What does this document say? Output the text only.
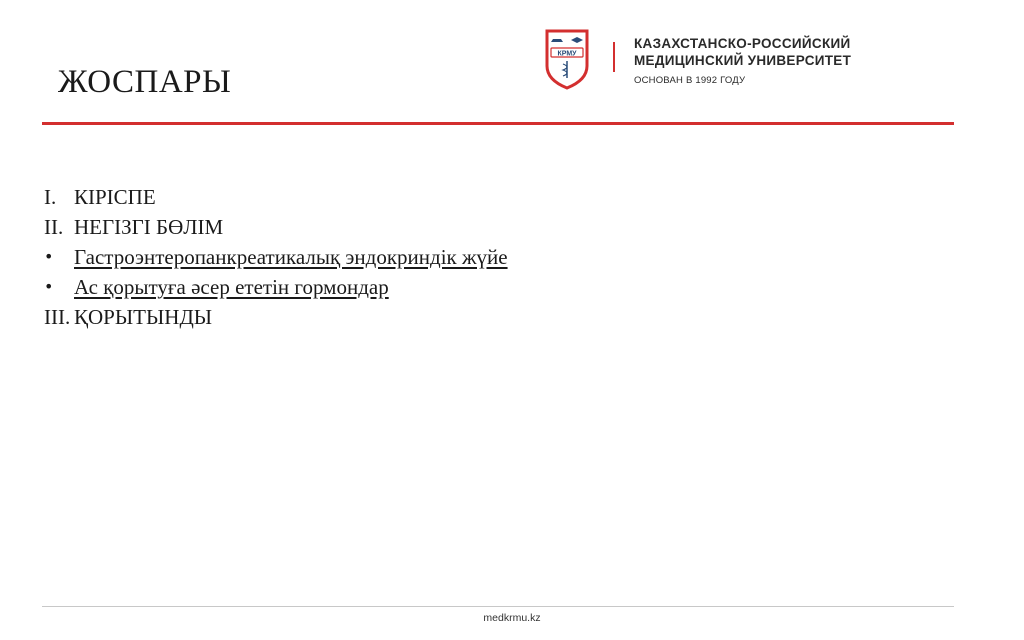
ЖОСПАРЫ
КРМУ
КАЗАХСТАНСКО-РОССИЙСКИЙ
МЕДИЦИНСКИЙ УНИВЕРСИТЕТ
ОСНОВАН В 1992 ГОДУ
I. КІРІСПЕ
II. НЕГІЗГІ БӨЛІМ
• Гастроэнтеропанкреатикалық эндокриндік жүйе
• Ас қорытуға әсер ететін гормондар
III. ҚОРЫТЫНДЫ
medkrmu.kz
